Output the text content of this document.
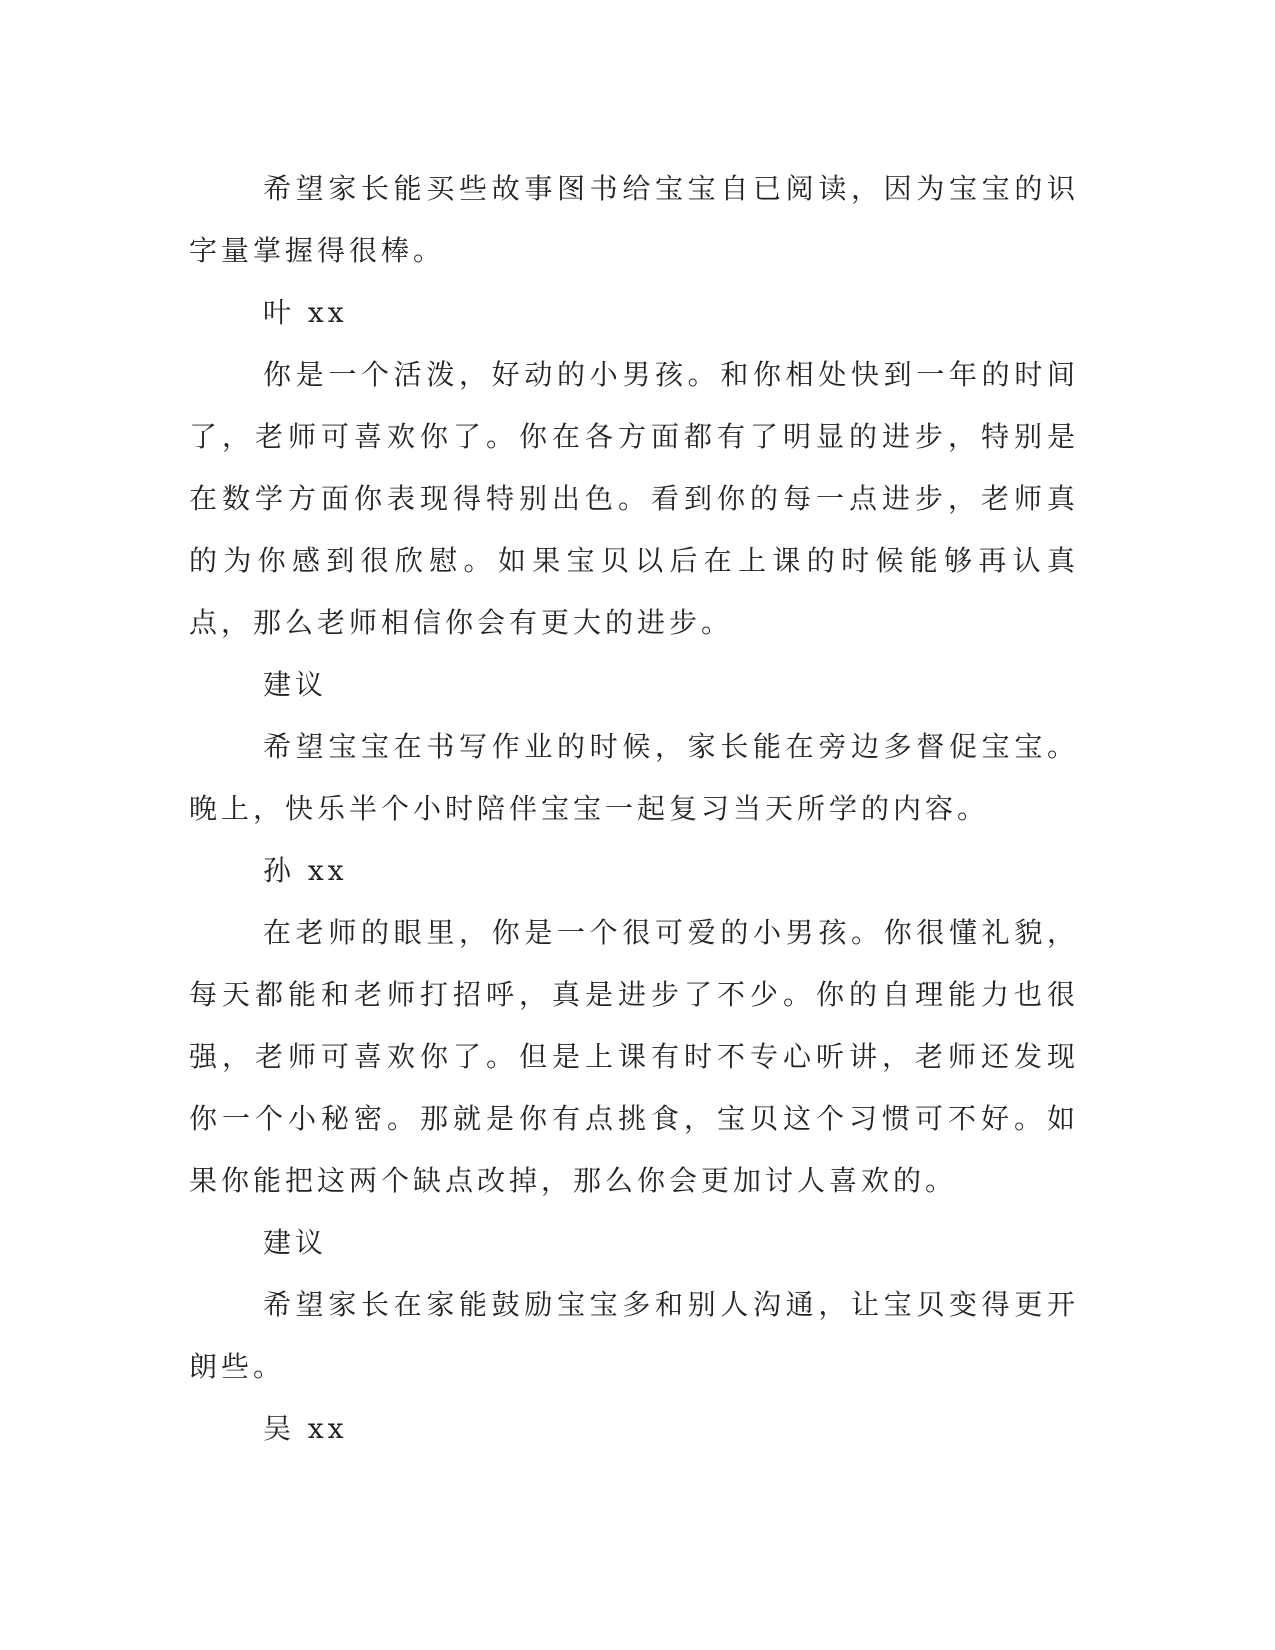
希望家长能买些故事图书给宝宝自已阅读，因为宝宝的识字量掌握得很棒。

叶 xx

你是一个活泼，好动的小男孩。和你相处快到一年的时间 了，老师可喜欢你了。你在各方面都有了明显的进步，特别是在数学方面你表现得特别出色。看到你的每一点进步，老师真的为你感到很欣慰。如果宝贝以后在上课的时候能够再认真点，那么老师相信你会有更大的进步。

建议

希望宝宝在书写作业的时候，家长能在旁边多督促宝宝。晚上，快乐半个小时陪伴宝宝一起复习当天所学的内容。

孙 xx

在老师的眼里，你是一个很可爱的小男孩。你很懂礼貌，每天都能和老师打招呼，真是进步了不少。你的自理能力也很强，老师可喜欢你了。但是上课有时不专心听讲，老师还发现你一个小秘密。那就是你有点挑食，宝贝这个习惯可不好。如果你能把这两个缺点改掉，那么你会更加讨人喜欢的。

建议

希望家长在家能鼓励宝宝多和别人沟通，让宝贝变得更开朗些。

吴 xx
